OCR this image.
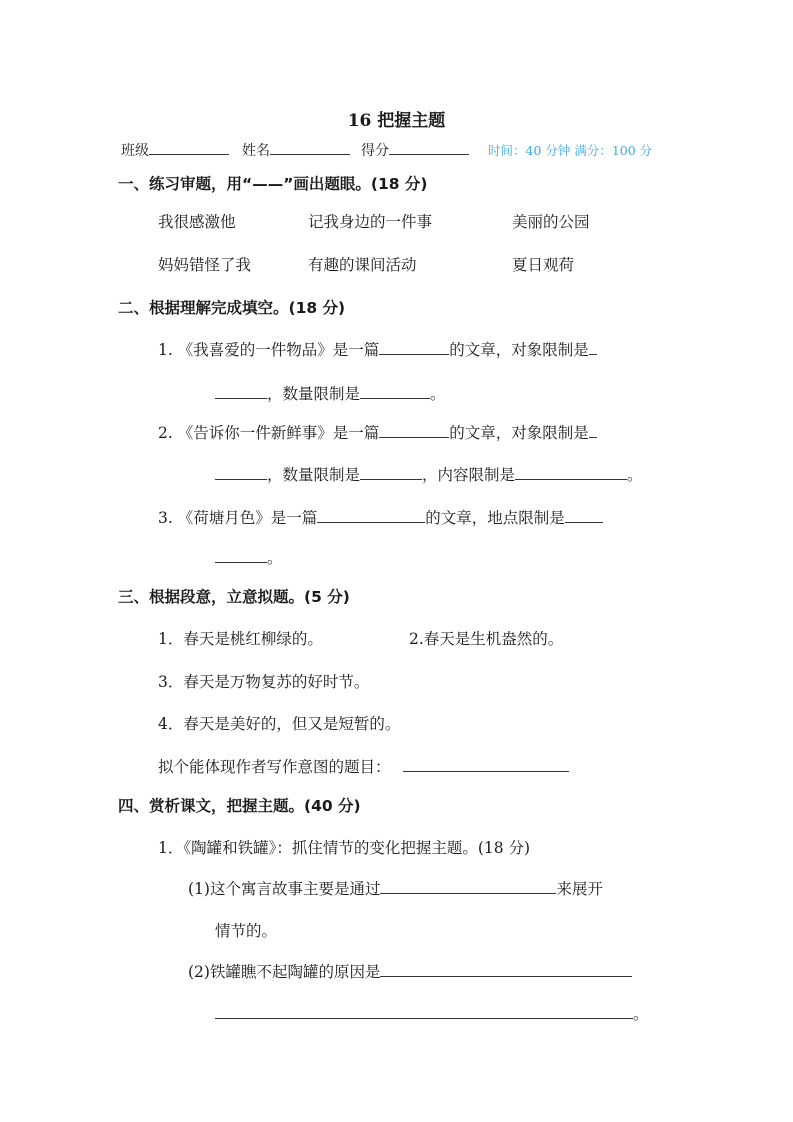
16 把握主题
班级	姓名	得分	时间：40 分钟 满分：100 分
一、练习审题，用“——”画出题眼。(18 分)
我很感激他	记我身边的一件事	美丽的公园
妈妈错怪了我	有趣的课间活动	夏日观荷
二、根据理解完成填空。(18 分)
1. 《我喜爱的一件物品》是一篇	的文章，对象限制是
，数量限制是	。
2. 《告诉你一件新鲜事》是一篇	的文章，对象限制是
，数量限制是	，内容限制是	。
3. 《荷塘月色》是一篇	的文章，地点限制是
。
三、根据段意，立意拟题。(5 分)
1．春天是桃红柳绿的。	2.春天是生机盎然的。
3．春天是万物复苏的好时节。
4．春天是美好的，但又是短暂的。
拟个能体现作者写作意图的题目：
四、赏析课文，把握主题。(40 分)
1．《陶罐和铁罐》：抓住情节的变化把握主题。(18 分)
(1)这个寓言故事主要是通过	来展开
情节的。
(2)铁罐瞧不起陶罐的原因是
。
